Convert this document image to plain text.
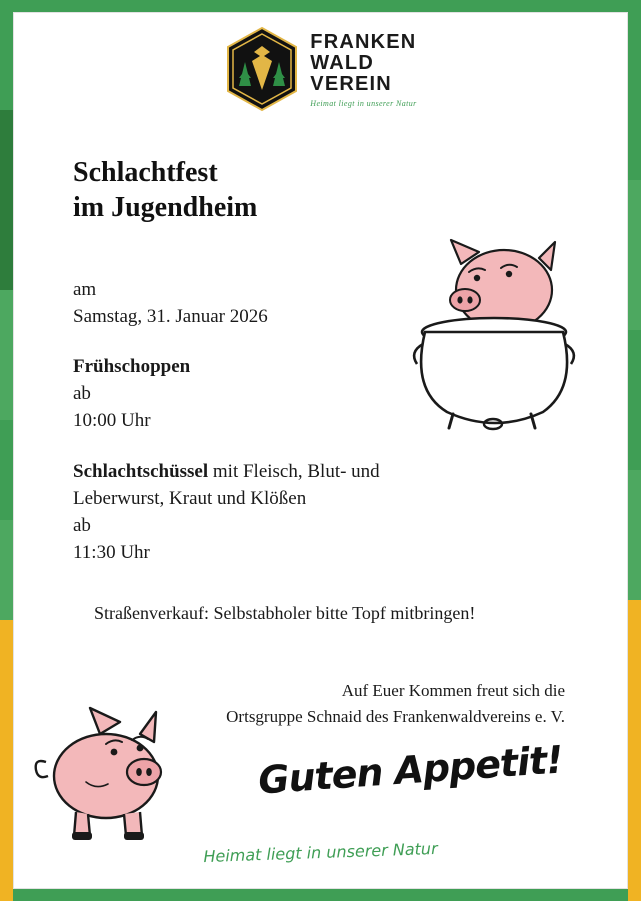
FRANKEN
WALD
VEREIN
Heimat liegt in unserer Natur
Schlachtfest
im Jugendheim
am
Samstag, 31. Januar 2026
Frühschoppen
ab
10:00 Uhr
Schlachtschüssel mit Fleisch, Blut- und
Leberwurst, Kraut und Klößen
ab
11:30 Uhr
Straßenverkauf: Selbstabholer bitte Topf mitbringen!
Auf Euer Kommen freut sich die
Ortsgruppe Schnaid des Frankenwaldvereins e. V.
Guten Appetit!
Heimat liegt in unserer Natur
